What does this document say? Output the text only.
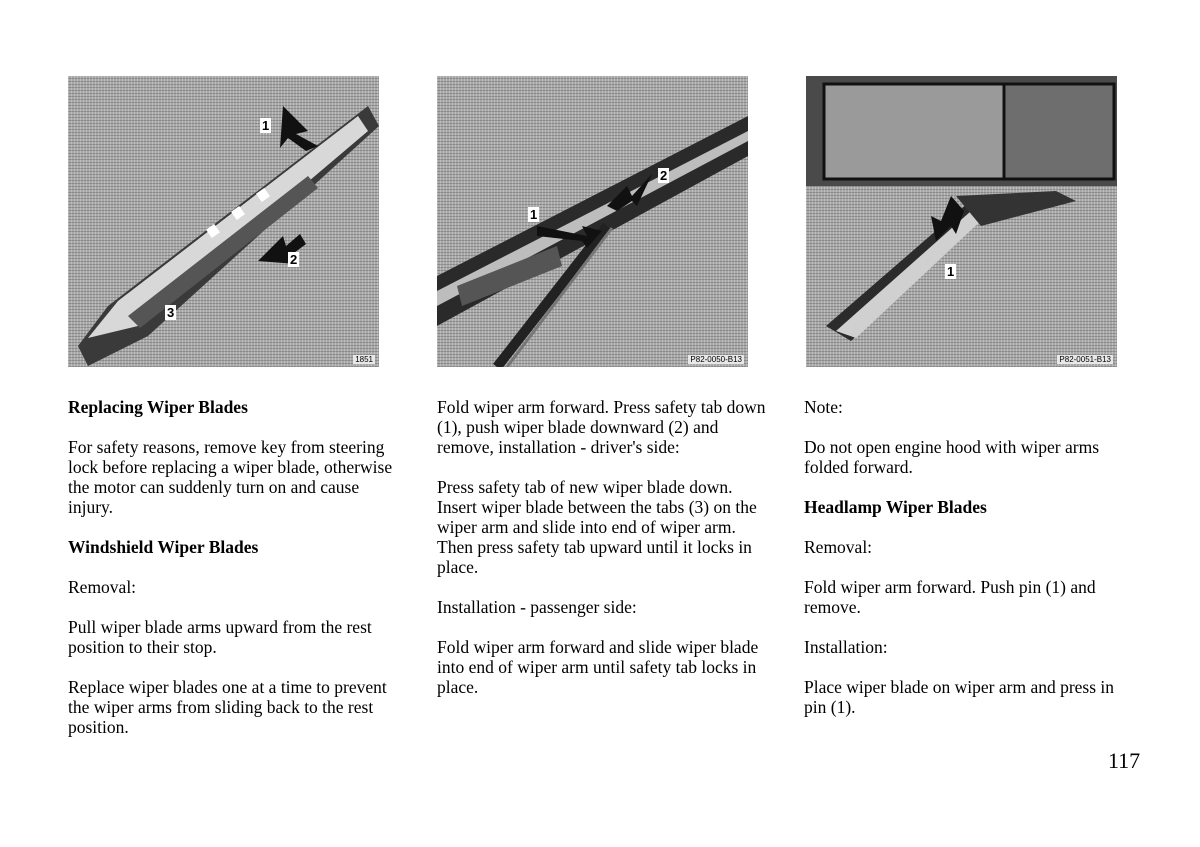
1
2
3
1851
1
2
P82-0050-B13
1
P82-0051-B13
Replacing Wiper Blades

For safety reasons, remove key from steering lock before replacing a wiper blade, otherwise the motor can suddenly turn on and cause injury.

Windshield Wiper Blades

Removal:

Pull wiper blade arms upward from the rest position to their stop.

Replace wiper blades one at a time to prevent the wiper arms from sliding back to the rest position.

Fold wiper arm forward. Press safety tab down (1), push wiper blade downward (2) and remove, installation - driver's side:

Press safety tab of new wiper blade down. Insert wiper blade between the tabs (3) on the wiper arm and slide into end of wiper arm. Then press safety tab upward until it locks in place.

Installation - passenger side:

Fold wiper arm forward and slide wiper blade into end of wiper arm until safety tab locks in place.

Note:

Do not open engine hood with wiper arms folded forward.

Headlamp Wiper Blades

Removal:

Fold wiper arm forward. Push pin (1) and remove.

Installation:

Place wiper blade on wiper arm and press in pin (1).

117
